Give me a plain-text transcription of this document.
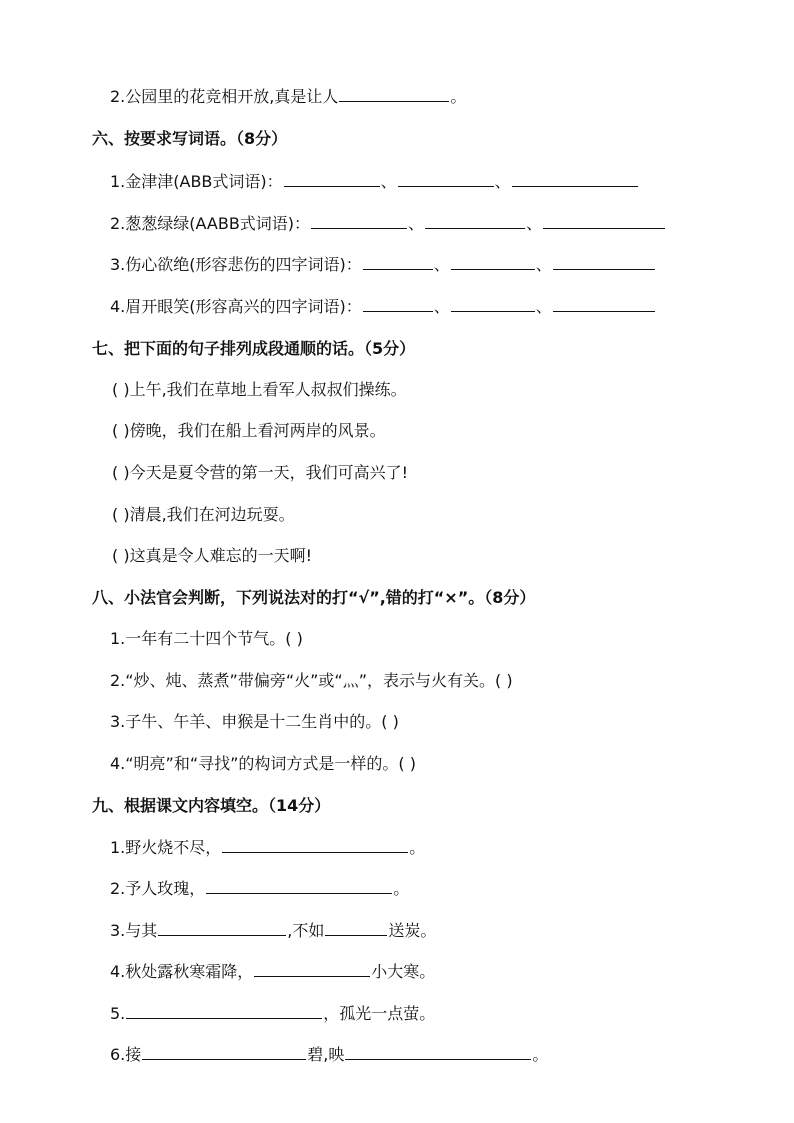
2.公园里的花竞相开放,真是让人	。
六、按要求写词语。（8分）
1.金津津(ABB式词语)：	、	、
2.葱葱绿绿(AABB式词语)：	、	、
3.伤心欲绝(形容悲伤的四字词语)：	、	、
4.眉开眼笑(形容高兴的四字词语)：	、	、
七、把下面的句子排列成段通顺的话。（5分）
( )上午,我们在草地上看军人叔叔们操练。
( )傍晚，我们在船上看河两岸的风景。
( )今天是夏令营的第一天，我们可高兴了!
( )清晨,我们在河边玩耍。
( )这真是令人难忘的一天啊!
八、小法官会判断，下列说法对的打“√”,错的打“×”。（8分）
1.一年有二十四个节气。( )
2.“炒、炖、蒸煮”带偏旁“火”或“灬”，表示与火有关。( )
3.子牛、午羊、申猴是十二生肖中的。( )
4.“明亮”和“寻找”的构词方式是一样的。( )
九、根据课文内容填空。（14分）
1.野火烧不尽，	。
2.予人玫瑰，	。
3.与其	,不如	送炭。
4.秋处露秋寒霜降，	小大寒。
5.	，孤光一点萤。
6.接	碧,映	。
